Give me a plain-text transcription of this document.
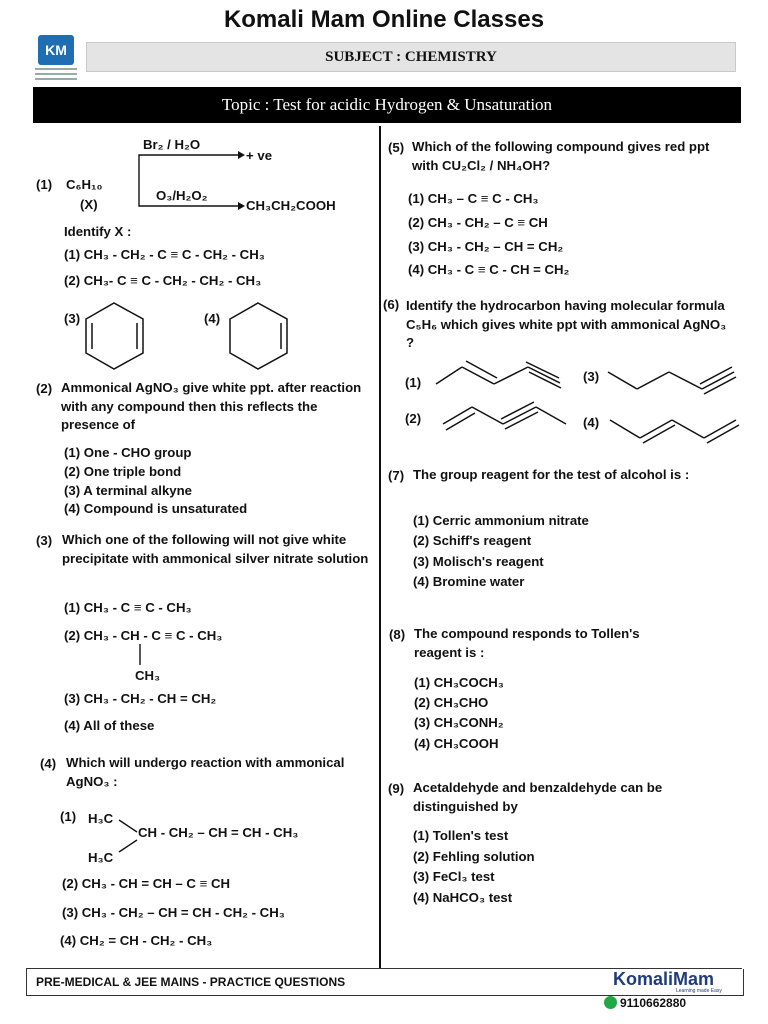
Komali Mam Online Classes
KM	SUBJECT : CHEMISTRY
Topic : Test for acidic Hydrogen & Unsaturation
(1) C₆H₁₀
(X)
Br₂ / H₂O
+ ve
O₃/H₂O₂
CH₃CH₂COOH
Identify X :
(1) CH₃ - CH₂ - C ≡ C - CH₂ - CH₃
(2) CH₃- C ≡ C - CH₂ - CH₂ - CH₃
(3)	(4)
(2) Ammonical AgNO₃ give white ppt. after reaction with any compound then this reflects the presence of
(1) One - CHO group
(2) One triple bond
(3) A terminal alkyne
(4) Compound is unsaturated
(3) Which one of the following will not give white precipitate with ammonical silver nitrate solution
(1) CH₃ - C ≡ C - CH₃
(2) CH₃ - CH - C ≡ C - CH₃
CH₃
(3) CH₃ - CH₂ - CH = CH₂
(4) All of these
(4) Which will undergo reaction with ammonical AgNO₃ :
(1) H₃C
CH - CH₂ – CH = CH - CH₃
H₃C
(2) CH₃ - CH = CH – C ≡ CH
(3) CH₃ - CH₂ – CH = CH - CH₂ - CH₃
(4) CH₂ = CH - CH₂ - CH₃
(5) Which of the following compound gives red ppt with CU₂Cl₂ / NH₄OH?
(1) CH₃ – C ≡ C - CH₃
(2) CH₃ - CH₂ – C ≡ CH
(3) CH₃ - CH₂ – CH = CH₂
(4) CH₃ - C ≡ C - CH = CH₂
(6) Identify the hydrocarbon having molecular formula C₅H₆ which gives white ppt with ammonical AgNO₃ ?
(1)
(2)
(3)
(4)
(7) The group reagent for the test of alcohol is :
(1) Cerric ammonium nitrate
(2) Schiff's reagent
(3) Molisch's reagent
(4) Bromine water
(8) The compound responds to Tollen's reagent is :
(1) CH₃COCH₃
(2) CH₃CHO
(3) CH₃CONH₂
(4) CH₃COOH
(9) Acetaldehyde and benzaldehyde can be distinguished by
(1) Tollen's test
(2) Fehling solution
(3) FeCl₃ test
(4) NaHCO₃ test
PRE-MEDICAL & JEE MAINS - PRACTICE QUESTIONS	KomaliMam
Learning made Easy
9110662880
